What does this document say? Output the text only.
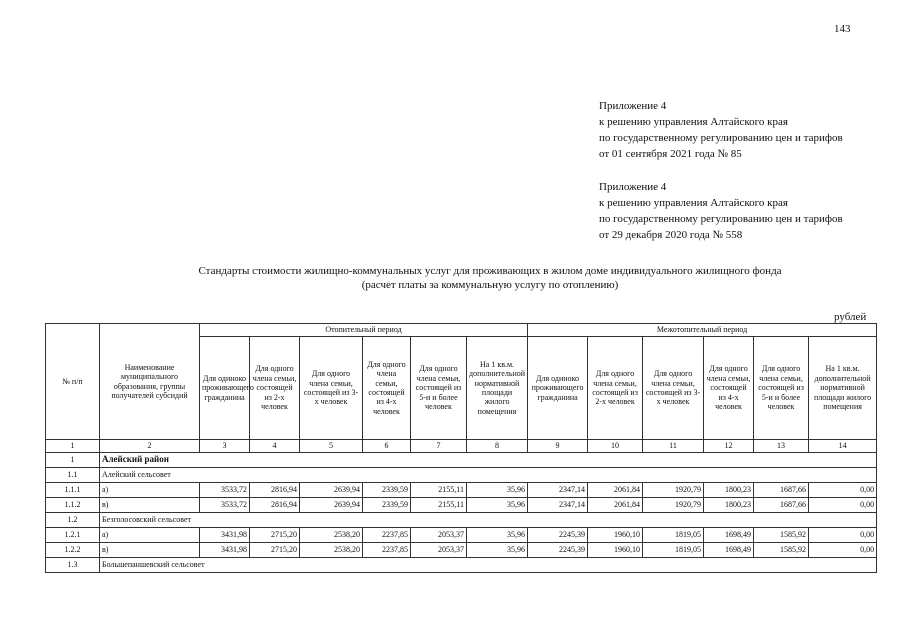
143
Приложение 4
к решению управления Алтайского края
по государственному регулированию цен и тарифов
от 01 сентября 2021 года № 85
Приложение 4
к решению управления Алтайского края
по государственному регулированию цен и тарифов
от 29 декабря 2020 года № 558
Стандарты стоимости жилищно-коммунальных услуг для проживающих в жилом доме индивидуального жилищного фонда
(расчет платы за коммунальную услугу по отоплению)
рублей
№ п/п	Наименование муниципального образования, группы получателей субсидий	Отопительный период						Межотопительный период					
		Для одиноко проживающего гражданина	Для одного члена семьи, состоящей из 2-х человек	Для одного члена семьи, состоящей из 3-х человек	Для одного члена семьи, состоящей из 4-х человек	Для одного члена семьи, состоящей из 5-и и более человек	На 1 кв.м. дополнительной нормативной площади жилого помещения	Для одиноко проживающего гражданина	Для одного члена семьи, состоящей из 2-х человек	Для одного члена семьи, состоящей из 3-х человек	Для одного члена семьи, состоящей из 4-х человек	Для одного члена семьи, состоящей из 5-и и более человек	На 1 кв.м. дополнительной нормативной площади жилого помещения
1	2	3	4	5	6	7	8	9	10	11	12	13	14
1	Алейский район												
1.1	Алейский сельсовет												
1.1.1	а)	3533,72	2816,94	2639,94	2339,59	2155,11	35,96	2347,14	2061,84	1920,79	1800,23	1687,66	0,00
1.1.2	в)	3533,72	2816,94	2639,94	2339,59	2155,11	35,96	2347,14	2061,84	1920,79	1800,23	1687,66	0,00
1.2	Безголосовский сельсовет												
1.2.1	а)	3431,98	2715,20	2538,20	2237,85	2053,37	35,96	2245,39	1960,10	1819,05	1698,49	1585,92	0,00
1.2.2	в)	3431,98	2715,20	2538,20	2237,85	2053,37	35,96	2245,39	1960,10	1819,05	1698,49	1585,92	0,00
1.3	Большепаншевский сельсовет												
